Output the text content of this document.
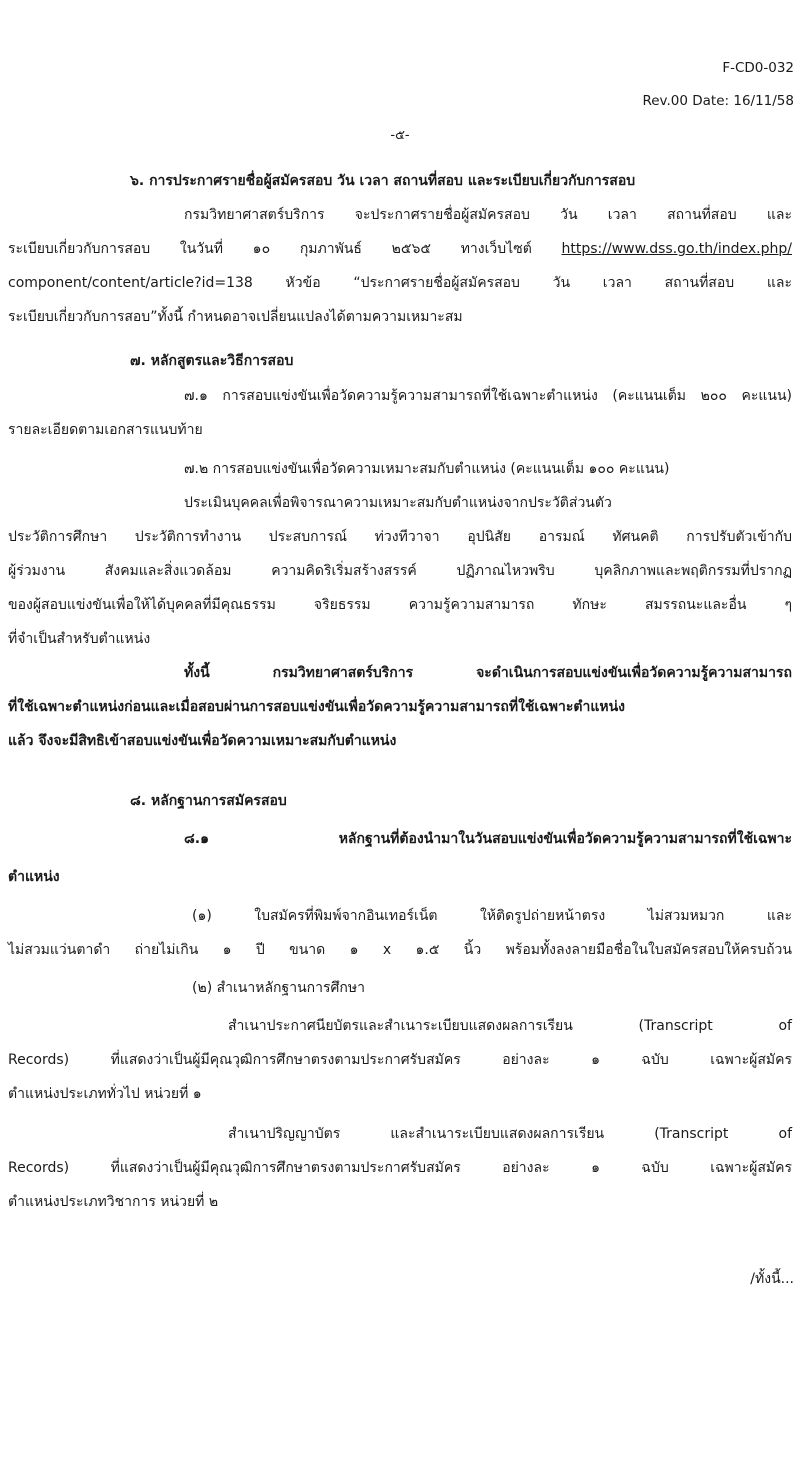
F-CD0-032
Rev.00 Date: 16/11/58
-๕-
๖. การประกาศรายชื่อผู้สมัครสอบ วัน เวลา สถานที่สอบ และระเบียบเกี่ยวกับการสอบ
กรมวิทยาศาสตร์บริการ จะประกาศรายชื่อผู้สมัครสอบ วัน เวลา สถานที่สอบ และ
ระเบียบเกี่ยวกับการสอบ ในวันที่ ๑๐ กุมภาพันธ์ ๒๕๖๕ ทางเว็บไซต์ https://www.dss.go.th/index.php/
component/content/article?id=138 หัวข้อ “ประกาศรายชื่อผู้สมัครสอบ วัน เวลา สถานที่สอบ และ
ระเบียบเกี่ยวกับการสอบ”ทั้งนี้ กำหนดอาจเปลี่ยนแปลงได้ตามความเหมาะสม
๗. หลักสูตรและวิธีการสอบ
๗.๑ การสอบแข่งขันเพื่อวัดความรู้ความสามารถที่ใช้เฉพาะตำแหน่ง (คะแนนเต็ม ๒๐๐ คะแนน)
รายละเอียดตามเอกสารแนบท้าย
๗.๒ การสอบแข่งขันเพื่อวัดความเหมาะสมกับตำแหน่ง (คะแนนเต็ม ๑๐๐ คะแนน)
ประเมินบุคคลเพื่อพิจารณาความเหมาะสมกับตำแหน่งจากประวัติส่วนตัว
ประวัติการศึกษา ประวัติการทำงาน ประสบการณ์ ท่วงทีวาจา อุปนิสัย อารมณ์ ทัศนคติ การปรับตัวเข้ากับ
ผู้ร่วมงาน สังคมและสิ่งแวดล้อม ความคิดริเริ่มสร้างสรรค์ ปฏิภาณไหวพริบ บุคลิกภาพและพฤติกรรมที่ปรากฏ
ของผู้สอบแข่งขันเพื่อให้ได้บุคคลที่มีคุณธรรม จริยธรรม ความรู้ความสามารถ ทักษะ สมรรถนะและอื่น ๆ
ที่จำเป็นสำหรับตำแหน่ง
ทั้งนี้ กรมวิทยาศาสตร์บริการ จะดำเนินการสอบแข่งขันเพื่อวัดความรู้ความสามารถ
ที่ใช้เฉพาะตำแหน่งก่อนและเมื่อสอบผ่านการสอบแข่งขันเพื่อวัดความรู้ความสามารถที่ใช้เฉพาะตำแหน่ง
แล้ว จึงจะมีสิทธิเข้าสอบแข่งขันเพื่อวัดความเหมาะสมกับตำแหน่ง
๘. หลักฐานการสมัครสอบ
๘.๑ หลักฐานที่ต้องนำมาในวันสอบแข่งขันเพื่อวัดความรู้ความสามารถที่ใช้เฉพาะ
ตำแหน่ง
(๑) ใบสมัครที่พิมพ์จากอินเทอร์เน็ต ให้ติดรูปถ่ายหน้าตรง ไม่สวมหมวก และ
ไม่สวมแว่นตาดำ ถ่ายไม่เกิน ๑ ปี ขนาด ๑ x ๑.๕ นิ้ว พร้อมทั้งลงลายมือชื่อในใบสมัครสอบให้ครบถ้วน
(๒) สำเนาหลักฐานการศึกษา
สำเนาประกาศนียบัตรและสำเนาระเบียบแสดงผลการเรียน (Transcript of
Records) ที่แสดงว่าเป็นผู้มีคุณวุฒิการศึกษาตรงตามประกาศรับสมัคร อย่างละ ๑ ฉบับ เฉพาะผู้สมัคร
ตำแหน่งประเภททั่วไป หน่วยที่ ๑
สำเนาปริญญาบัตร และสำเนาระเบียบแสดงผลการเรียน (Transcript of
Records) ที่แสดงว่าเป็นผู้มีคุณวุฒิการศึกษาตรงตามประกาศรับสมัคร อย่างละ ๑ ฉบับ เฉพาะผู้สมัคร
ตำแหน่งประเภทวิชาการ หน่วยที่ ๒
/ทั้งนี้...
